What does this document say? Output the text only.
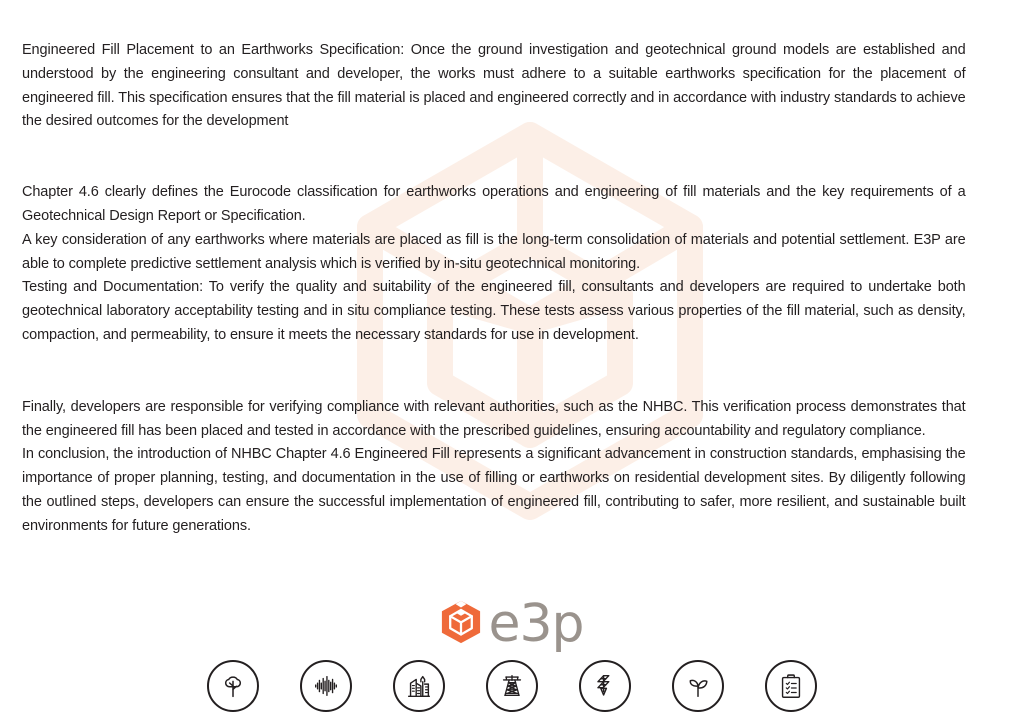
Engineered Fill Placement to an Earthworks Specification: Once the ground investigation and geotechnical ground models are established and understood by the engineering consultant and developer, the works must adhere to a suitable earthworks specification for the placement of engineered fill. This specification ensures that the fill material is placed and engineered correctly and in accordance with industry standards to achieve the desired outcomes for the development

Chapter 4.6 clearly defines the Eurocode classification for earthworks operations and engineering of fill materials and the key requirements of a Geotechnical Design Report or Specification.

A key consideration of any earthworks where materials are placed as fill is the long-term consolidation of materials and potential settlement. E3P are able to complete predictive settlement analysis which is verified by in-situ geotechnical monitoring.

Testing and Documentation: To verify the quality and suitability of the engineered fill, consultants and developers are required to undertake both geotechnical laboratory acceptability testing and in situ compliance testing. These tests assess various properties of the fill material, such as density, compaction, and permeability, to ensure it meets the necessary standards for use in development.

Finally, developers are responsible for verifying compliance with relevant authorities, such as the NHBC. This verification process demonstrates that the engineered fill has been placed and tested in accordance with the prescribed guidelines, ensuring accountability and regulatory compliance.

In conclusion, the introduction of NHBC Chapter 4.6 Engineered Fill represents a significant advancement in construction standards, emphasising the importance of proper planning, testing, and documentation in the use of filling or earthworks on residential development sites. By diligently following the outlined steps, developers can ensure the successful implementation of engineered fill, contributing to safer, more resilient, and sustainable built environments for future generations.

e3p
